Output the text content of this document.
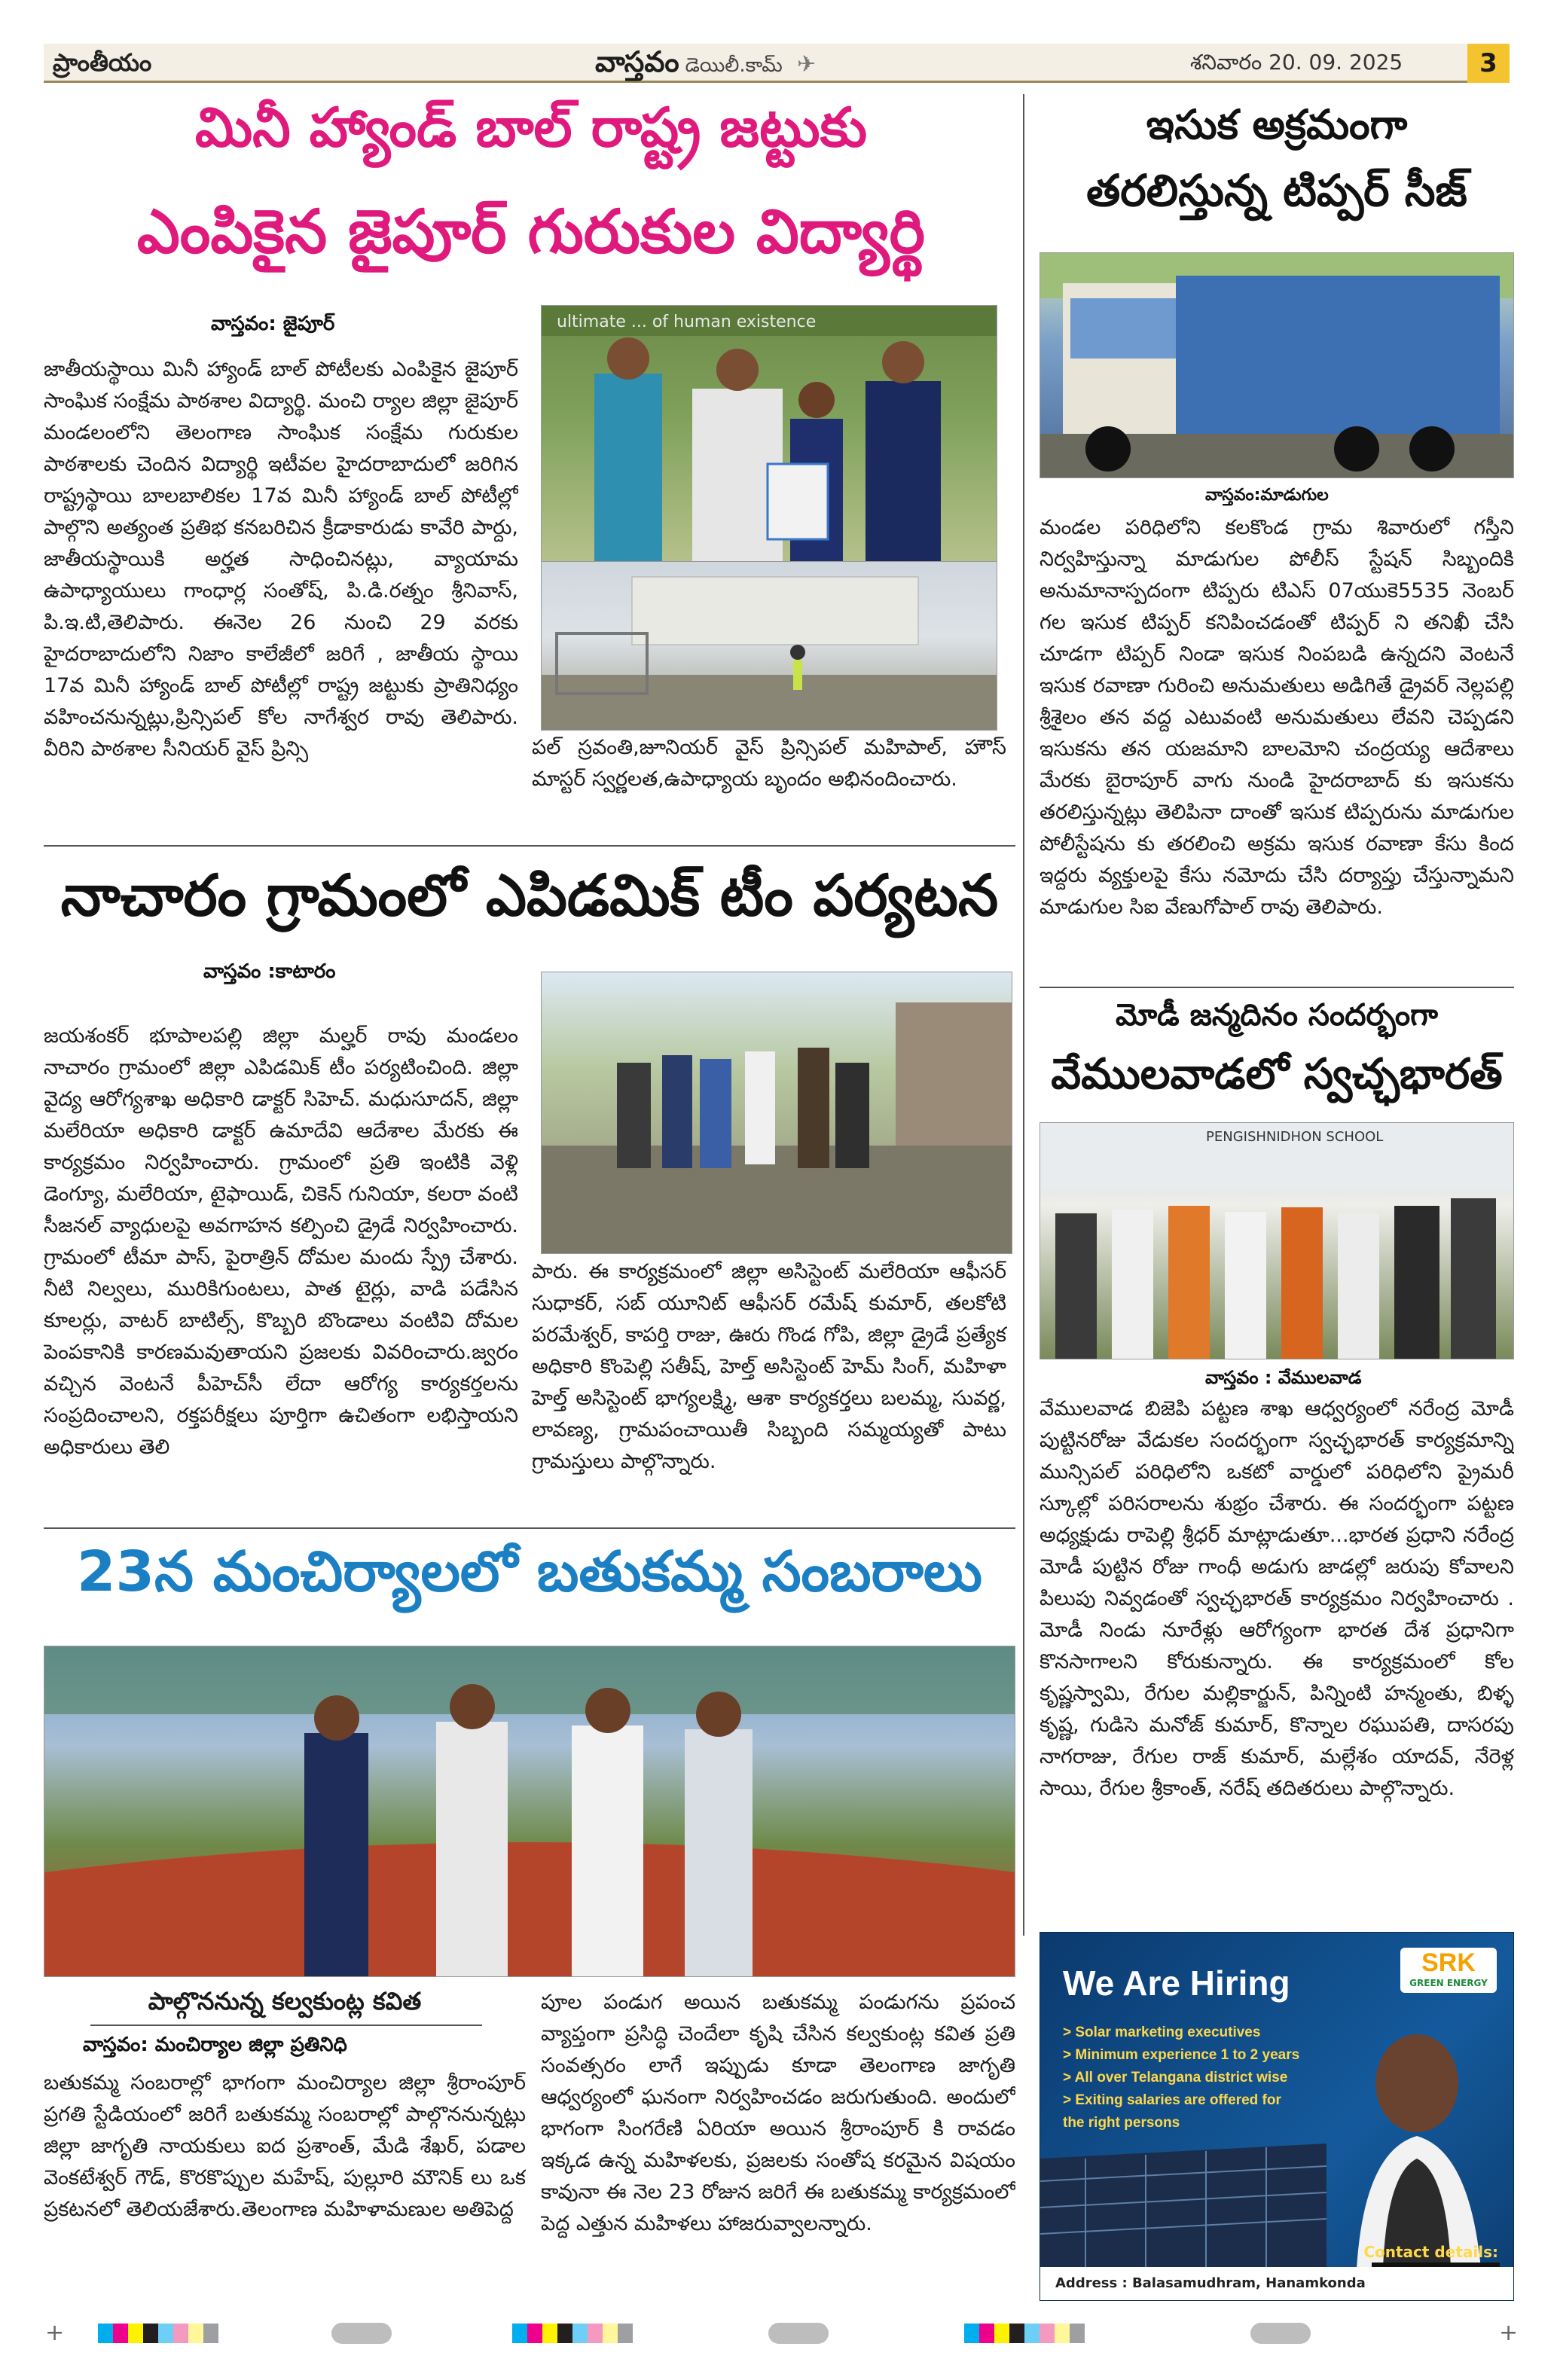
ప్రాంతీయం	వాస్తవం డెయిలీ.కామ్ ✈	శనివారం 20. 09. 2025	3
మినీ హ్యాండ్ బాల్ రాష్ట్ర జట్టుకు
ఎంపికైన జైపూర్ గురుకుల విద్యార్థి
వాస్తవం: జైపూర్
జాతీయస్థాయి మినీ హ్యాండ్ బాల్ పోటీలకు ఎంపికైన జైపూర్ సాంఘిక సంక్షేమ పాఠశాల విద్యార్థి. మంచి ర్యాల జిల్లా జైపూర్ మండలంలోని తెలంగాణ సాంఘిక సంక్షేమ గురుకుల పాఠశాలకు చెందిన విద్యార్థి ఇటీవల హైదరాబాదులో జరిగిన రాష్ట్రస్థాయి బాలబాలికల 17వ మినీ హ్యాండ్ బాల్ పోటీల్లో పాల్గొని అత్యంత ప్రతిభ కనబరిచిన క్రీడాకారుడు కావేరి పార్దు, జాతీయస్థాయికి అర్హత సాధించినట్లు, వ్యాయామ ఉపాధ్యాయులు గాంధార్ల సంతోష్, పి.డి.రత్నం శ్రీనివాస్, పి.ఇ.టి,తెలిపారు. ఈనెల 26 నుంచి 29 వరకు హైదరాబాదులోని నిజాం కాలేజీలో జరిగే , జాతీయ స్థాయి 17వ మినీ హ్యాండ్ బాల్ పోటీల్లో రాష్ట్ర జట్టుకు ప్రాతినిధ్యం వహించనున్నట్లు,ప్రిన్సిపల్ కోల నాగేశ్వర రావు తెలిపారు. వీరిని పాఠశాల సీనియర్ వైస్ ప్రిన్సి
ultimate ... of human existence
పల్ స్రవంతి,జూనియర్ వైస్ ప్రిన్సిపల్ మహిపాల్, హౌస్ మాస్టర్ స్వర్ణలత,ఉపాధ్యాయ బృందం అభినందించారు.
నాచారం గ్రామంలో ఎపిడమిక్ టీం పర్యటన
వాస్తవం :కాటారం
జయశంకర్ భూపాలపల్లి జిల్లా మల్హర్ రావు మండలం నాచారం గ్రామంలో జిల్లా ఎపిడమిక్ టీం పర్యటించింది. జిల్లా వైద్య ఆరోగ్యశాఖ అధికారి డాక్టర్ సిహెచ్. మధుసూదన్, జిల్లా మలేరియా అధికారి డాక్టర్ ఉమాదేవి ఆదేశాల మేరకు ఈ కార్యక్రమం నిర్వహించారు. గ్రామంలో ప్రతి ఇంటికి వెళ్లి డెంగ్యూ, మలేరియా, టైఫాయిడ్, చికెన్ గునియా, కలరా వంటి సీజనల్ వ్యాధులపై అవగాహన కల్పించి డ్రైడే నిర్వహించారు. గ్రామంలో టీమా పాస్, పైరాత్రిన్ దోమల మందు స్ప్రే చేశారు. నీటి నిల్వలు, మురికిగుంటలు, పాత టైర్లు, వాడి పడేసిన కూలర్లు, వాటర్ బాటిల్స్, కొబ్బరి బొండాలు వంటివి దోమల పెంపకానికి కారణమవుతాయని ప్రజలకు వివరించారు.జ్వరం వచ్చిన వెంటనే పీహెచ్‌సీ లేదా ఆరోగ్య కార్యకర్తలను సంప్రదించాలని, రక్తపరీక్షలు పూర్తిగా ఉచితంగా లభిస్తాయని అధికారులు తెలి
పారు. ఈ కార్యక్రమంలో జిల్లా అసిస్టెంట్ మలేరియా ఆఫీసర్ సుధాకర్, సబ్ యూనిట్ ఆఫీసర్ రమేష్ కుమార్, తలకోటి పరమేశ్వర్, కాపర్తి రాజు, ఊరు గొండ గోపి, జిల్లా డ్రైడే ప్రత్యేక అధికారి కొంపెల్లి సతీష్, హెల్త్ అసిస్టెంట్ హెమ్ సింగ్, మహిళా హెల్త్ అసిస్టెంట్ భాగ్యలక్ష్మి, ఆశా కార్యకర్తలు బలమ్మ, సువర్ణ, లావణ్య, గ్రామపంచాయితీ సిబ్బంది సమ్మయ్యతో పాటు గ్రామస్తులు పాల్గొన్నారు.
23న మంచిర్యాలలో బతుకమ్మ సంబరాలు
పాల్గొననున్న కల్వకుంట్ల కవిత
వాస్తవం: మంచిర్యాల జిల్లా ప్రతినిధి
బతుకమ్మ సంబరాల్లో భాగంగా మంచిర్యాల జిల్లా శ్రీరాంపూర్ ప్రగతి స్టేడియంలో జరిగే బతుకమ్మ సంబరాల్లో పాల్గొననున్నట్లు జిల్లా జాగృతి నాయకులు ఐద ప్రశాంత్, మేడి శేఖర్, పడాల వెంకటేశ్వర్ గౌడ్, కొరకొప్పుల మహేష్, పుల్లూరి మౌనిక్ లు ఒక ప్రకటనలో తెలియజేశారు.తెలంగాణ మహిళామణుల అతిపెద్ద
పూల పండుగ అయిన బతుకమ్మ పండుగను ప్రపంచ వ్యాప్తంగా ప్రసిద్ధి చెందేలా కృషి చేసిన కల్వకుంట్ల కవిత ప్రతి సంవత్సరం లాగే ఇప్పుడు కూడా తెలంగాణ జాగృతి ఆధ్వర్యంలో ఘనంగా నిర్వహించడం జరుగుతుంది. అందులో భాగంగా సింగరేణి ఏరియా అయిన శ్రీరాంపూర్ కి రావడం ఇక్కడ ఉన్న మహిళలకు, ప్రజలకు సంతోష కరమైన విషయం కావునా ఈ నెల 23 రోజున జరిగే ఈ బతుకమ్మ కార్యక్రమంలో పెద్ద ఎత్తున మహిళలు హాజరువ్వాలన్నారు.
ఇసుక అక్రమంగా
తరలిస్తున్న టిప్పర్ సీజ్
వాస్తవం:మాడుగుల
మండల పరిధిలోని కలకొండ గ్రామ శివారులో గస్తీని నిర్వహిస్తున్నా మాడుగుల పోలీస్ స్టేషన్ సిబ్బందికి అనుమానాస్పదంగా టిప్పరు టిఎస్ 07యుకె5535 నెంబర్ గల ఇసుక టిప్పర్ కనిపించడంతో టిప్పర్ ని తనిఖీ చేసి చూడగా టిప్పర్ నిండా ఇసుక నింపబడి ఉన్నదని వెంటనే ఇసుక రవాణా గురించి అనుమతులు అడిగితే డ్రైవర్ నెల్లపల్లి శ్రీశైలం తన వద్ద ఎటువంటి అనుమతులు లేవని చెప్పడని ఇసుకను తన యజమాని బాలమోని చంద్రయ్య ఆదేశాలు మేరకు బైరాపూర్ వాగు నుండి హైదరాబాద్ కు ఇసుకను తరలిస్తున్నట్లు తెలిపినా దాంతో ఇసుక టిప్పరును మాడుగుల పోలీస్టేషను కు తరలించి అక్రమ ఇసుక రవాణా కేసు కింద ఇద్దరు వ్యక్తులపై కేసు నమోదు చేసి దర్యాప్తు చేస్తున్నామని మాడుగుల సిఐ వేణుగోపాల్ రావు తెలిపారు.
మోడీ జన్మదినం సందర్భంగా
వేములవాడలో స్వచ్ఛభారత్
PENGISHNIDHON SCHOOL
వాస్తవం : వేములవాడ
వేములవాడ బిజెపి పట్టణ శాఖ ఆధ్వర్యంలో నరేంద్ర మోడీ పుట్టినరోజు వేడుకల సందర్భంగా స్వచ్ఛభారత్ కార్యక్రమాన్ని మున్సిపల్ పరిధిలోని ఒకటో వార్డులో పరిధిలోని ప్రైమరీ స్కూల్లో పరిసరాలను శుభ్రం చేశారు. ఈ సందర్భంగా పట్టణ అధ్యక్షుడు రాపెల్లి శ్రీధర్ మాట్లాడుతూ...భారత ప్రధాని నరేంద్ర మోడీ పుట్టిన రోజు గాంధీ అడుగు జాడల్లో జరుపు కోవాలని పిలుపు నివ్వడంతో స్వచ్ఛభారత్ కార్యక్రమం నిర్వహించారు . మోడీ నిండు నూరేళ్లు ఆరోగ్యంగా భారత దేశ ప్రధానిగా కొనసాగాలని కోరుకున్నారు. ఈ కార్యక్రమంలో కోల కృష్ణస్వామి, రేగుల మల్లికార్జున్, పిన్నింటి హన్మంతు, బిళ్ళ కృష్ణ, గుడిసె మనోజ్ కుమార్, కొన్నాల రఘుపతి, దాసరపు నాగరాజు, రేగుల రాజ్ కుమార్, మల్లేశం యాదవ్, నేరెళ్ల సాయి, రేగుల శ్రీకాంత్, నరేష్ తదితరులు పాల్గొన్నారు.
We Are Hiring
SRK
GREEN ENERGY
> Solar marketing executives
> Minimum experience 1 to 2 years
> All over Telangana district wise
> Exiting salaries are offered for
the right persons
Contact details:
Address : Balasamudhram, Hanamkonda
+	+
